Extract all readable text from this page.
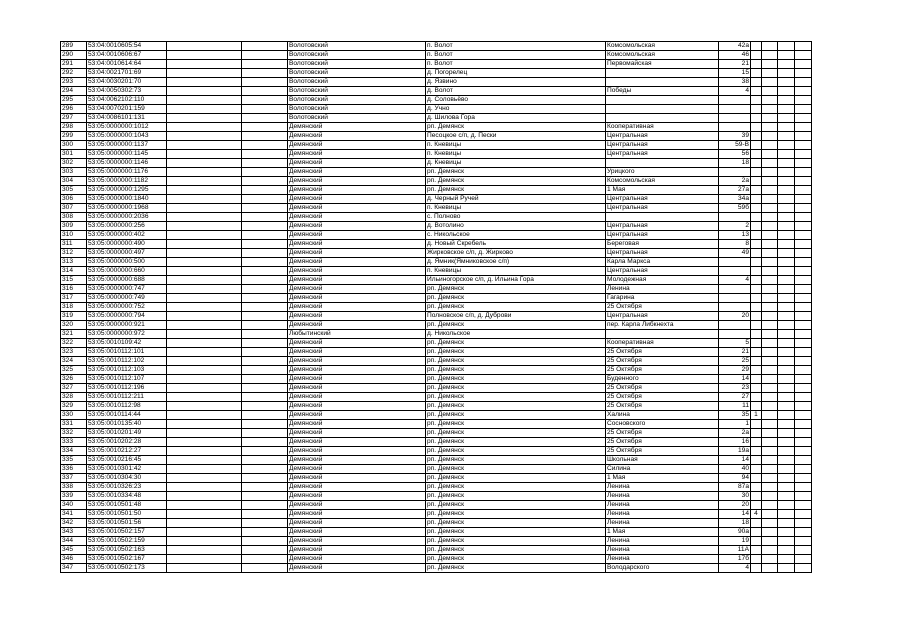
289	53:04:0010605:54			Волотовский	п. Волот	Комсомольская	42а				
290	53:04:0010606:67			Волотовский	п. Волот	Комсомольская	46				
291	53:04:0010614:64			Волотовский	п. Волот	Первомайская	21				
292	53:04:0021701:69			Волотовский	д. Погорелец		15				
293	53:04:0030201:70			Волотовский	д. Язвино		38				
294	53:04:0050302:73			Волотовский	д. Волот	Победы	4				
295	53:04:0062102:110			Волотовский	д. Соловьёво						
296	53:04:0070201:159			Волотовский	д. Учно						
297	53:04:0086101:131			Волотовский	д. Шилова Гора						
298	53:05:0000000:1012			Демянский	рп. Демянск	Кооперативная					
299	53:05:0000000:1043			Демянский	Песоцкое с/п, д. Пески	Центральная	39				
300	53:05:0000000:1137			Демянский	п. Кневицы	Центральная	59-В				
301	53:05:0000000:1145			Демянский	п. Кневицы	Центральная	56				
302	53:05:0000000:1146			Демянский	д. Кневицы		18				
303	53:05:0000000:1176			Демянский	рп. Демянск	Урицкого					
304	53:05:0000000:1182			Демянский	рп. Демянск	Комсомольская	2а				
305	53:05:0000000:1295			Демянский	рп. Демянск	1 Мая	27а				
306	53:05:0000000:1840			Демянский	д. Черный Ручей	Центральная	34а				
307	53:05:0000000:1968			Демянский	п. Кневицы	Центральная	59б				
308	53:05:0000000:2036			Демянский	с. Полново						
309	53:05:0000000:256			Демянский	д. Вотолино	Центральная	2				
310	53:05:0000000:402			Демянский	с. Никольское	Центральная	13				
311	53:05:0000000:490			Демянский	д. Новый Скребель	Береговая	8				
312	53:05:0000000:497			Демянский	Жирковское с/п, д. Жирково	Центральная	49				
313	53:05:0000000:500			Демянский	д. Ямник(Ямниковское с/п)	Карла Маркса					
314	53:05:0000000:660			Демянский	п. Кневицы	Центральная					
315	53:05:0000000:688			Демянский	Ильиногорское с/п, д. Ильина Гора	Молодежная	4				
316	53:05:0000000:747			Демянский	рп. Демянск	Ленина					
317	53:05:0000000:749			Демянский	рп. Демянск	Гагарина					
318	53:05:0000000:752			Демянский	рп. Демянск	25 Октября					
319	53:05:0000000:794			Демянский	Полновское с/п, д. Дуброви	Центральная	20				
320	53:05:0000000:921			Демянский	рп. Демянск	пер. Карла Либкнехта					
321	53:05:0000000:972			Любытинский	д. Никольское						
322	53:05:0010109:42			Демянский	рп. Демянск	Кооперативная	5				
323	53:05:0010112:101			Демянский	рп. Демянск	25 Октября	21				
324	53:05:0010112:102			Демянский	рп. Демянск	25 Октября	25				
325	53:05:0010112:103			Демянский	рп. Демянск	25 Октября	29				
326	53:05:0010112:107			Демянский	рп. Демянск	Буденного	14				
327	53:05:0010112:196			Демянский	рп. Демянск	25 Октября	23				
328	53:05:0010112:211			Демянский	рп. Демянск	25 Октября	27				
329	53:05:0010112:98			Демянский	рп. Демянск	25 Октября	11				
330	53:05:0010114:44			Демянский	рп. Демянск	Халина	35	1			
331	53:05:0010135:40			Демянский	рп. Демянск	Сосновского	1				
332	53:05:0010201:49			Демянский	рп. Демянск	25 Октября	2а				
333	53:05:0010202:28			Демянский	рп. Демянск	25 Октября	16				
334	53:05:0010212:27			Демянский	рп. Демянск	25 Октября	19а				
335	53:05:0010216:45			Демянский	рп. Демянск	Школьная	14				
336	53:05:0010301:42			Демянский	рп. Демянск	Силина	40				
337	53:05:0010304:30			Демянский	рп. Демянск	1 Мая	94				
338	53:05:0010326:23			Демянский	рп. Демянск	Ленина	87а				
339	53:05:0010334:48			Демянский	рп. Демянск	Ленина	30				
340	53:05:0010501:48			Демянский	рп. Демянск	Ленина	20				
341	53:05:0010501:50			Демянский	рп. Демянск	Ленина	14	4			
342	53:05:0010501:56			Демянский	рп. Демянск	Ленина	18				
343	53:05:0010502:157			Демянский	рп. Демянск	1 Мая	90а				
344	53:05:0010502:159			Демянский	рп. Демянск	Ленина	19				
345	53:05:0010502:163			Демянский	рп. Демянск	Ленина	11А				
346	53:05:0010502:167			Демянский	рп. Демянск	Ленина	17б				
347	53:05:0010502:173			Демянский	рп. Демянск	Володарского	4				
